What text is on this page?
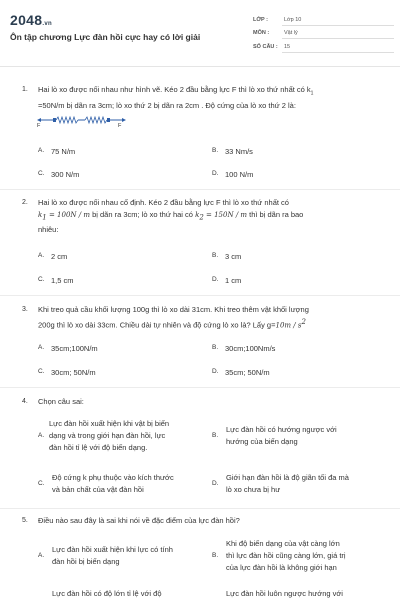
2048.vn
Ôn tập chương Lực đàn hồi cực hay có lời giải
LỚP :	Lớp 10
MÔN :	Vật lý
SỐ CÂU : 15
1. Hai lò xo được nối nhau như hình vẽ. Kéo 2 đầu bằng lực F thì lò xo thứ nhất có $k_1$
=50N/m bị dãn ra 3cm; lò xo thứ 2 bị dãn ra 2cm . Độ cứng của lò xo thứ 2 là:
F	F
A. 75 N/m	B. 33 Nm/s
C. 300 N/m	D. 100 N/m
2. Hai lò xo được nối nhau cố định. Kéo 2 đầu bằng lực F thì lò xo thứ nhất có
$k_1 = 100N / m$ bị dãn ra 3cm; lò xo thứ hai có $k_2 = 150N / m$ thì bị dãn ra bao
nhiêu:
A. 2 cm	B. 3 cm
C. 1,5 cm	D. 1 cm
3. Khi treo quả cầu khối lượng 100g thì lò xo dài 31cm. Khi treo thêm vật khối lượng
200g thì lò xo dài 33cm. Chiều dài tự nhiên và độ cứng lò xo là? Lấy $g=10m / s^2$
A. 35cm;100N/m	B. 30cm;100Nm/s
C. 30cm; 50N/m	D. 35cm; 50N/m
4. Chọn câu sai:
A.
Lực đàn hồi xuất hiện khi vật bị biến
dạng và trong giới hạn đàn hồi, lực
đàn hồi tỉ lệ với độ biến dạng.
B.
Lực đàn hồi có hướng ngược với
hướng của biến dạng
C.
Độ cứng k phụ thuộc vào kích thước
và bản chất của vật đàn hồi
D.
Giới hạn đàn hồi là độ giãn tối đa mà
lò xo chưa bị hư
5. Điều nào sau đây là sai khi nói về đặc điểm của lực đàn hồi?
A.
Lực đàn hồi xuất hiện khi lực có tính
đàn hồi bị biến dạng
B.
Khi độ biến dạng của vật càng lớn
thì lực đàn hồi cũng càng lớn, giá trị
của lực đàn hồi là không giới hạn
Lực đàn hồi có độ lớn tỉ lệ với độ	Lực đàn hồi luôn ngược hướng với
